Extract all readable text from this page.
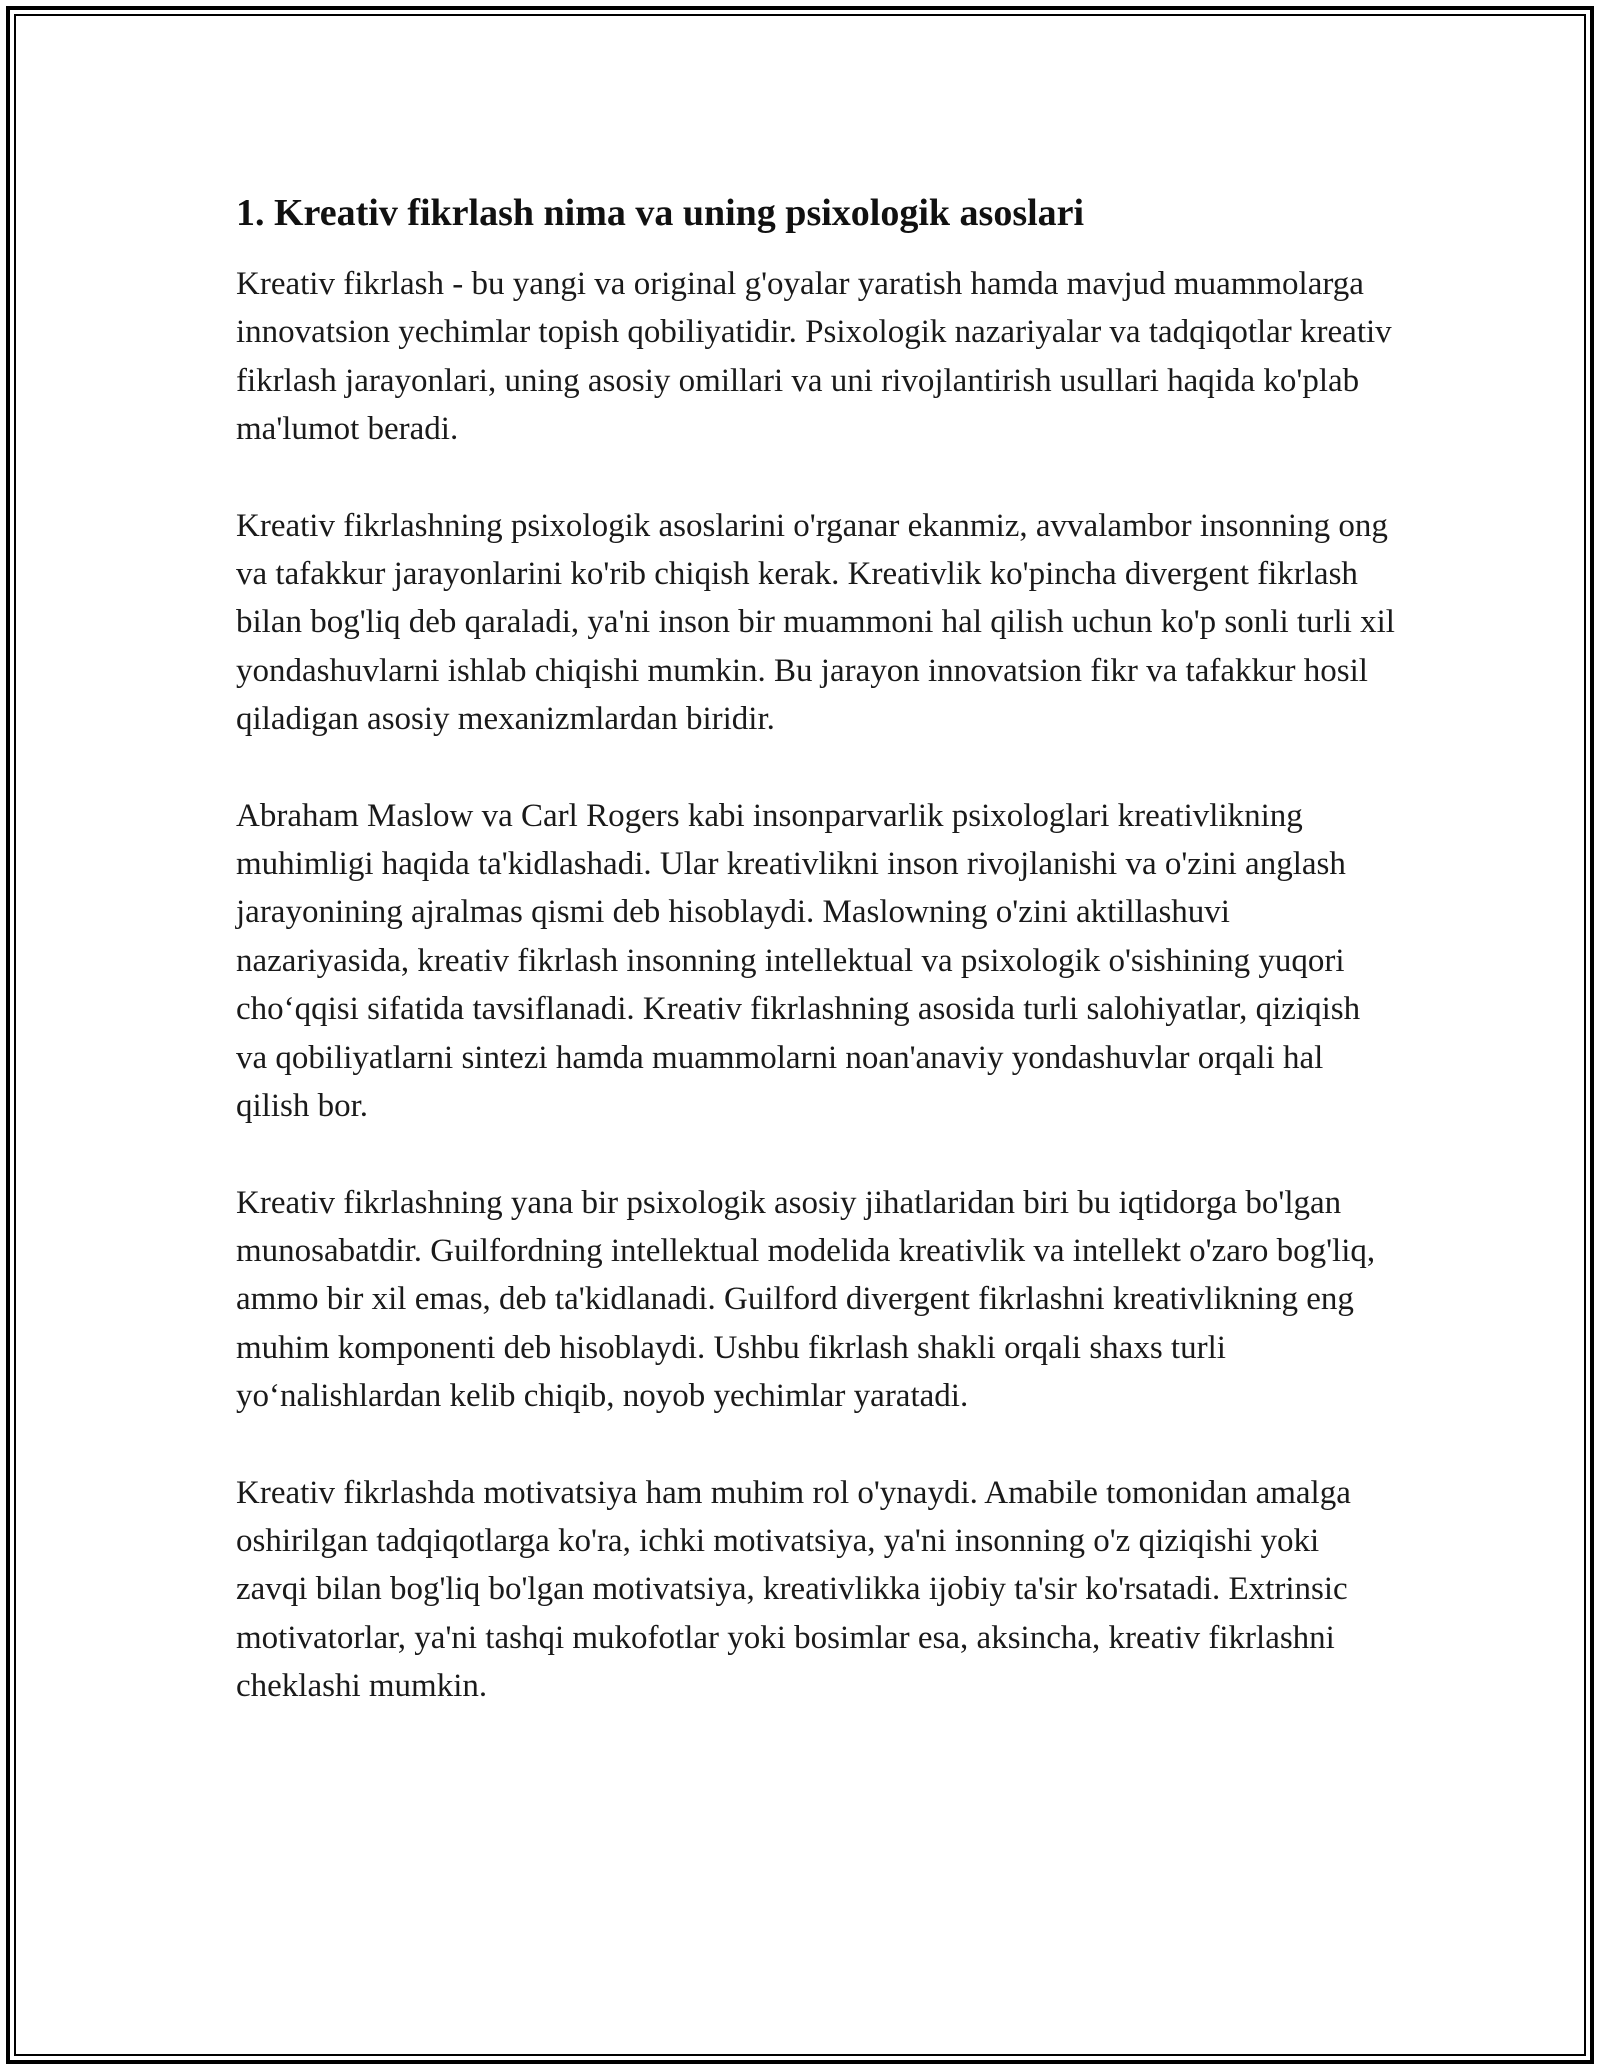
1. Kreativ fikrlash nima va uning psixologik asoslari

Kreativ fikrlash - bu yangi va original g'oyalar yaratish hamda mavjud muammolarga innovatsion yechimlar topish qobiliyatidir. Psixologik nazariyalar va tadqiqotlar kreativ fikrlash jarayonlari, uning asosiy omillari va uni rivojlantirish usullari haqida ko'plab ma'lumot beradi.

Kreativ fikrlashning psixologik asoslarini o'rganar ekanmiz, avvalambor insonning ong va tafakkur jarayonlarini ko'rib chiqish kerak. Kreativlik ko'pincha divergent fikrlash bilan bog'liq deb qaraladi, ya'ni inson bir muammoni hal qilish uchun ko'p sonli turli xil yondashuvlarni ishlab chiqishi mumkin. Bu jarayon innovatsion fikr va tafakkur hosil qiladigan asosiy mexanizmlardan biridir.

Abraham Maslow va Carl Rogers kabi insonparvarlik psixologlari kreativlikning muhimligi haqida ta'kidlashadi. Ular kreativlikni inson rivojlanishi va o'zini anglash jarayonining ajralmas qismi deb hisoblaydi. Maslowning o'zini aktillashuvi nazariyasida, kreativ fikrlash insonning intellektual va psixologik o'sishining yuqori cho‘qqisi sifatida tavsiflanadi. Kreativ fikrlashning asosida turli salohiyatlar, qiziqish va qobiliyatlarni sintezi hamda muammolarni noan'anaviy yondashuvlar orqali hal qilish bor.

Kreativ fikrlashning yana bir psixologik asosiy jihatlaridan biri bu iqtidorga bo'lgan munosabatdir. Guilfordning intellektual modelida kreativlik va intellekt o'zaro bog'liq, ammo bir xil emas, deb ta'kidlanadi. Guilford divergent fikrlashni kreativlikning eng muhim komponenti deb hisoblaydi. Ushbu fikrlash shakli orqali shaxs turli yo‘nalishlardan kelib chiqib, noyob yechimlar yaratadi.

Kreativ fikrlashda motivatsiya ham muhim rol o'ynaydi. Amabile tomonidan amalga oshirilgan tadqiqotlarga ko'ra, ichki motivatsiya, ya'ni insonning o'z qiziqishi yoki zavqi bilan bog'liq bo'lgan motivatsiya, kreativlikka ijobiy ta'sir ko'rsatadi. Extrinsic motivatorlar, ya'ni tashqi mukofotlar yoki bosimlar esa, aksincha, kreativ fikrlashni cheklashi mumkin.
